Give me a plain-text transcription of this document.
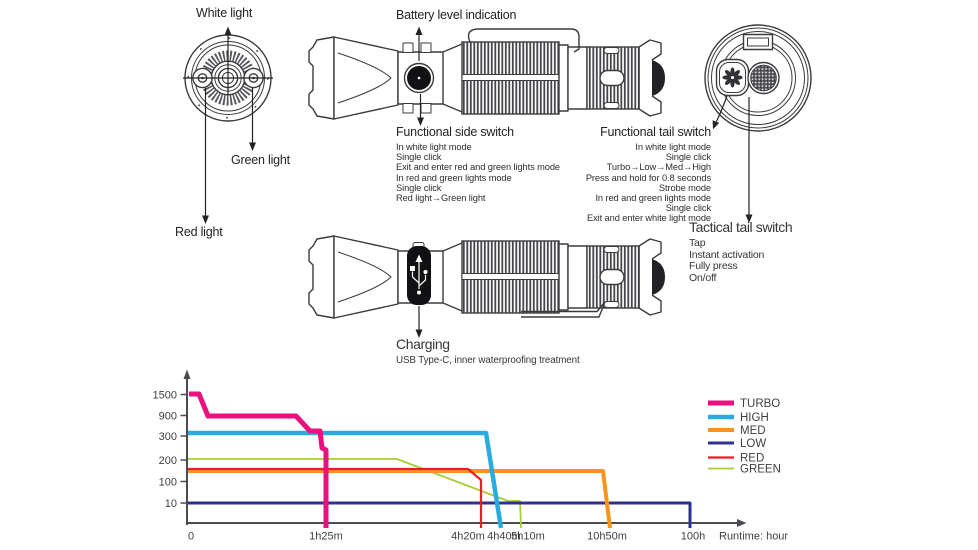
1500
900
300
200
100
10
0	1h25m	4h20m 4h40m
5h10m	10h50m	100h
TURBO
HIGH
MED
LOW
RED
GREEN
Runtime: hour
White light
Green light
Red light
Battery level indication
Functional side switch
In white light mode
Single click
Exit and enter red and green lights mode
In red and green lights mode
Single click
Red light→Green light
Functional tail switch
In white light mode
Single click
Turbo→Low→Med→High
Press and hold for 0.8 seconds
Strobe mode
In red and green lights mode
Single click
Exit and enter white light mode
Tactical tail switch
Tap
Instant activation
Fully press
On/off
Charging
USB Type-C, inner waterproofing treatment
